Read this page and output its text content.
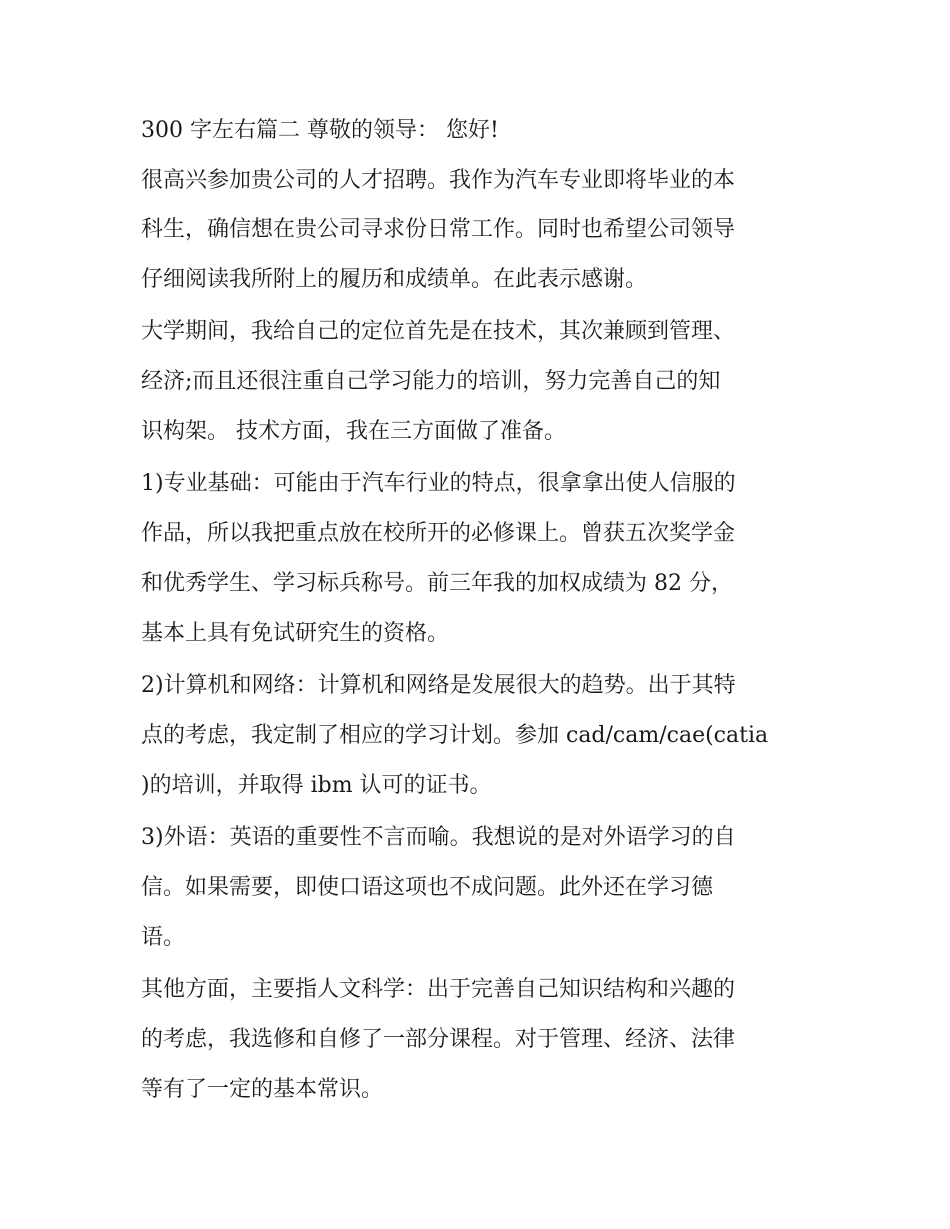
300 字左右篇二 尊敬的领导： 您好!
很高兴参加贵公司的人才招聘。我作为汽车专业即将毕业的本
科生，确信想在贵公司寻求份日常工作。同时也希望公司领导
仔细阅读我所附上的履历和成绩单。在此表示感谢。
大学期间，我给自己的定位首先是在技术，其次兼顾到管理、
经济;而且还很注重自己学习能力的培训，努力完善自己的知
识构架。 技术方面，我在三方面做了准备。
1)专业基础：可能由于汽车行业的特点，很拿拿出使人信服的
作品，所以我把重点放在校所开的必修课上。曾获五次奖学金
和优秀学生、学习标兵称号。前三年我的加权成绩为 82 分，
基本上具有免试研究生的资格。
2)计算机和网络：计算机和网络是发展很大的趋势。出于其特
点的考虑，我定制了相应的学习计划。参加 cad/cam/cae(catia
)的培训，并取得 ibm 认可的证书。
3)外语：英语的重要性不言而喻。我想说的是对外语学习的自
信。如果需要，即使口语这项也不成问题。此外还在学习德
语。
其他方面，主要指人文科学：出于完善自己知识结构和兴趣的
的考虑，我选修和自修了一部分课程。对于管理、经济、法律
等有了一定的基本常识。
